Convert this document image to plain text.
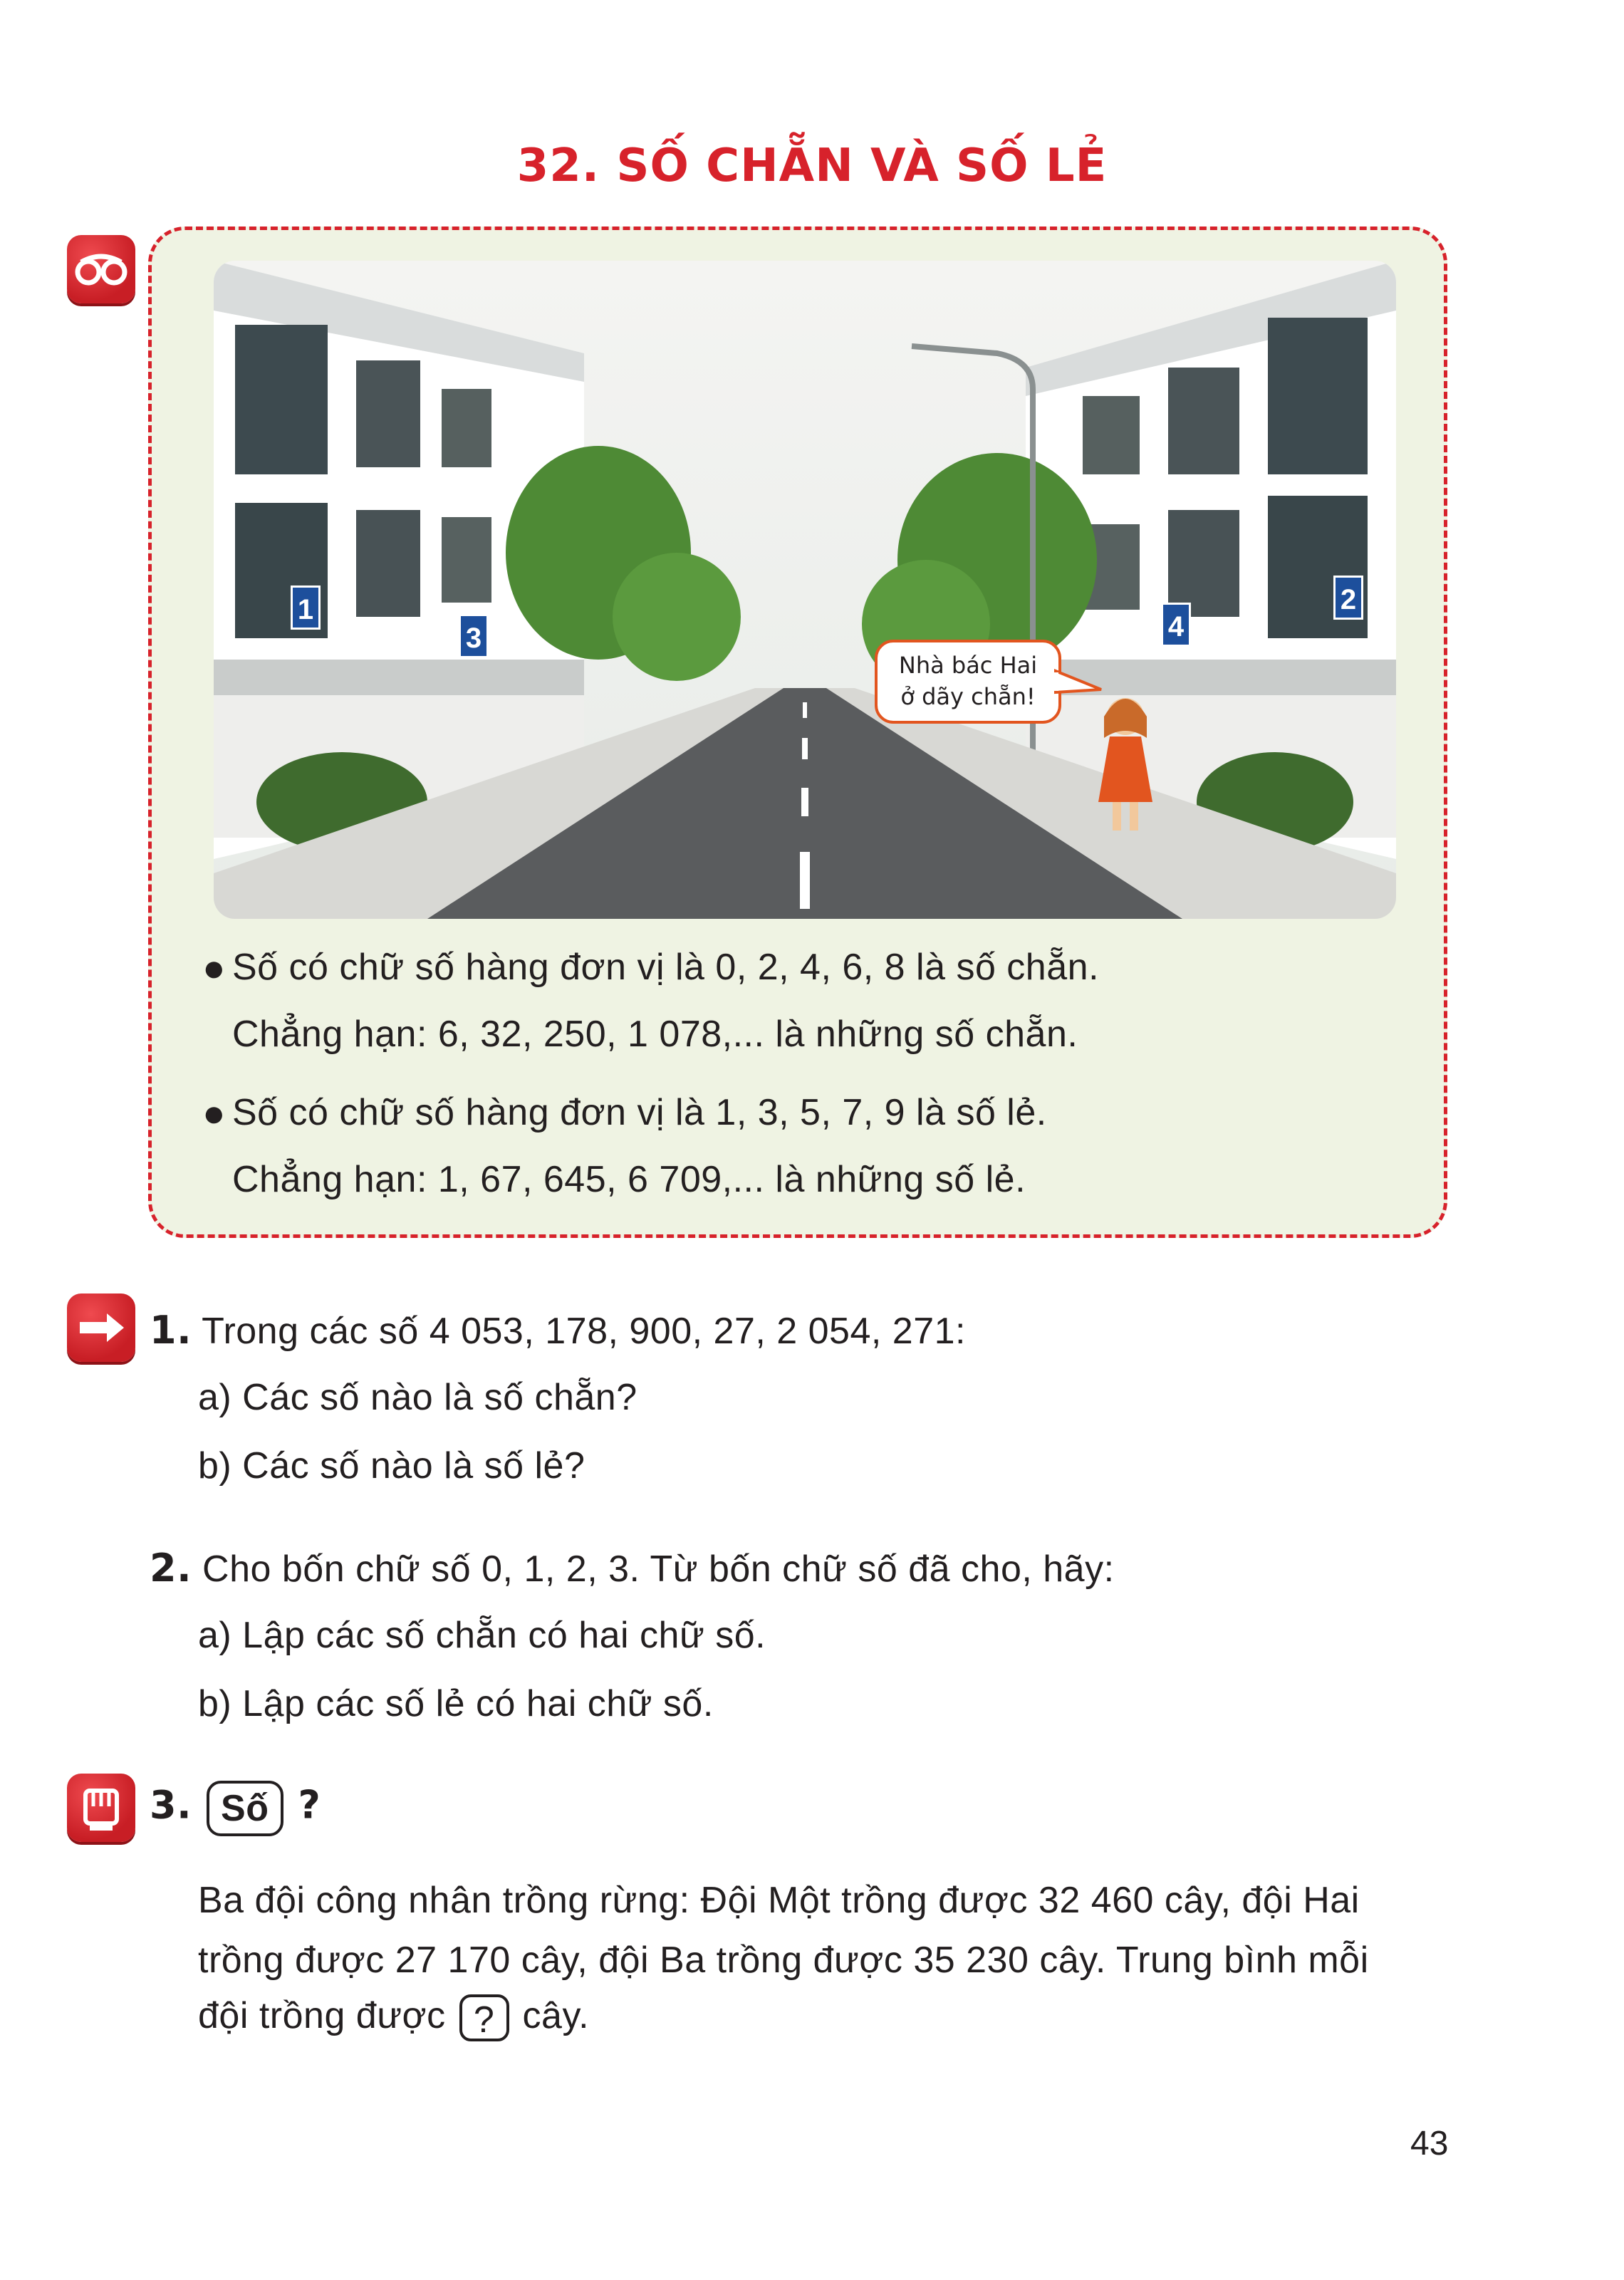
32. SỐ CHẴN VÀ SỐ LẺ
1
3	4
2
Nhà bác Hai
ở dãy chẵn!
● Số có chữ số hàng đơn vị là 0, 2, 4, 6, 8 là số chẵn.
Chẳng hạn: 6, 32, 250, 1 078,... là những số chẵn.
● Số có chữ số hàng đơn vị là 1, 3, 5, 7, 9 là số lẻ.
Chẳng hạn: 1, 67, 645, 6 709,... là những số lẻ.
1. Trong các số 4 053, 178, 900, 27, 2 054, 271:
a) Các số nào là số chẵn?
b) Các số nào là số lẻ?
2. Cho bốn chữ số 0, 1, 2, 3. Từ bốn chữ số đã cho, hãy:
a) Lập các số chẵn có hai chữ số.
b) Lập các số lẻ có hai chữ số.
3. Số ?
Ba đội công nhân trồng rừng: Đội Một trồng được 32 460 cây, đội Hai
trồng được 27 170 cây, đội Ba trồng được 35 230 cây. Trung bình mỗi
đội trồng được ? cây.
43
